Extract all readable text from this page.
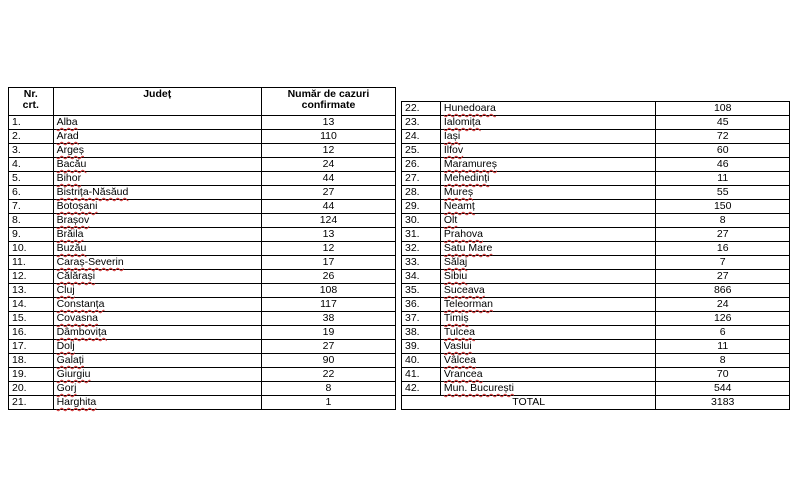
Nr.
crt.	Județ	Număr de cazuri
confirmate
1.	Alba	13
2.	Arad	110
3.	Argeș	12
4.	Bacău	24
5.	Bihor	44
6.	Bistrița-Năsăud	27
7.	Botoșani	44
8.	Brașov	124
9.	Brăila	13
10.	Buzău	12
11.	Caraș-Severin	17
12.	Călărași	26
13.	Cluj	108
14.	Constanța	117
15.	Covasna	38
16.	Dâmbovița	19
17.	Dolj	27
18.	Galați	90
19.	Giurgiu	22
20.	Gorj	8
21.	Harghita	1
22.	Hunedoara	108
23.	Ialomița	45
24.	Iași	72
25.	Ilfov	60
26.	Maramureș	46
27.	Mehedinți	11
28.	Mureș	55
29.	Neamț	150
30.	Olt	8
31.	Prahova	27
32.	Satu Mare	16
33.	Sălaj	7
34.	Sibiu	27
35.	Suceava	866
36.	Teleorman	24
37.	Timiș	126
38.	Tulcea	6
39.	Vaslui	11
40.	Vâlcea	8
41.	Vrancea	70
42.	Mun. București	544
TOTAL		3183
